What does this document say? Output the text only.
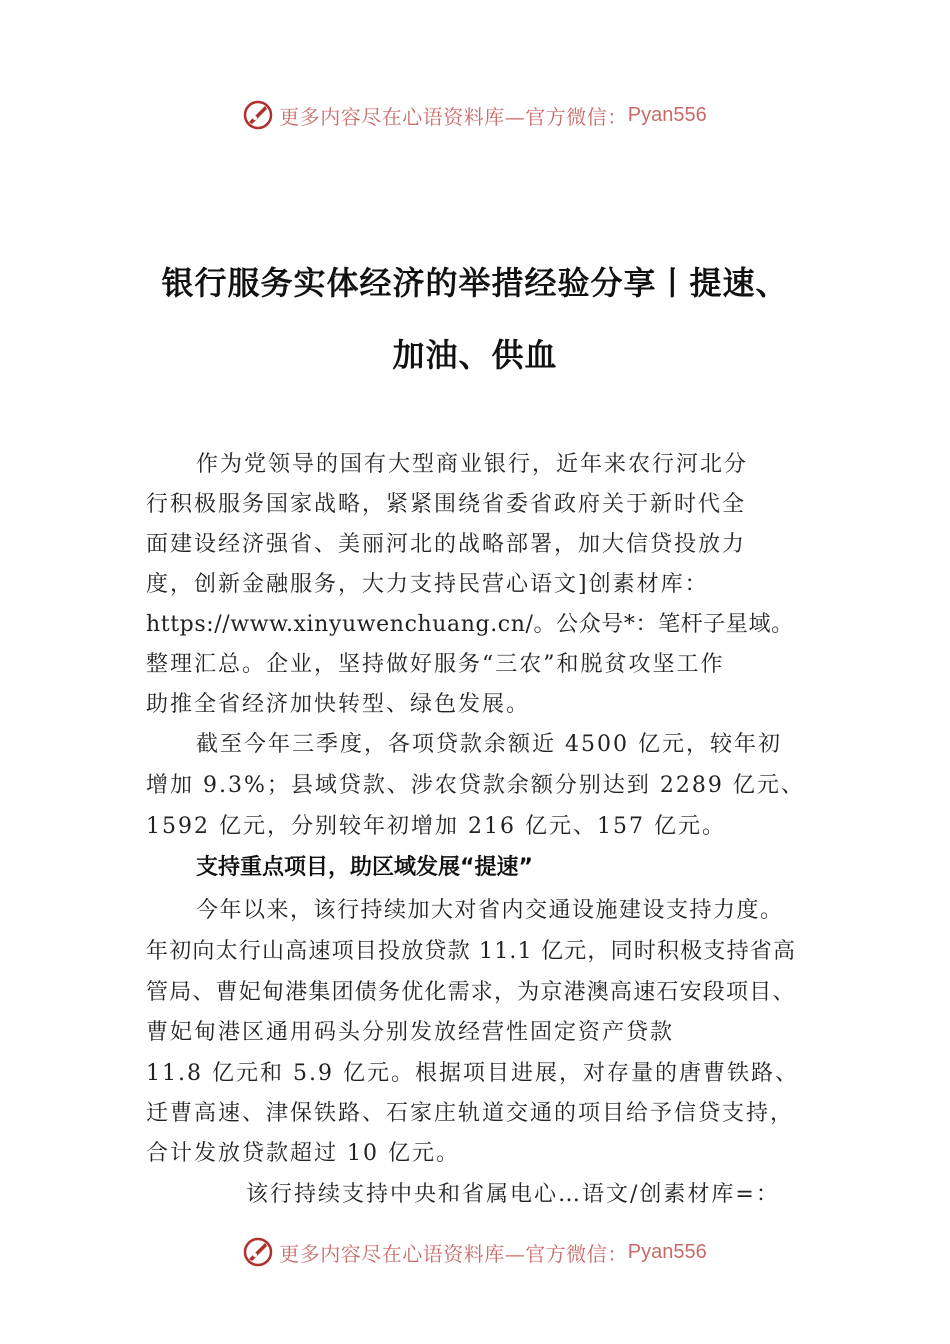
更多内容尽在心语资料库—官方微信： Pyan556
银行服务实体经济的举措经验分享丨提速、
加油、供血
作为党领导的国有大型商业银行，近年来农行河北分
行积极服务国家战略，紧紧围绕省委省政府关于新时代全
面建设经济强省、美丽河北的战略部署，加大信贷投放力
度，创新金融服务，大力支持民营心语文]创素材库：
https://www.xinyuwenchuang.cn/。公众号*：笔杆子星域。
整理汇总。企业，坚持做好服务“三农”和脱贫攻坚工作
助推全省经济加快转型、绿色发展。
截至今年三季度，各项贷款余额近 4500 亿元，较年初
增加 9.3%；县域贷款、涉农贷款余额分别达到 2289 亿元、
1592 亿元，分别较年初增加 216 亿元、157 亿元。
支持重点项目，助区域发展“提速”
今年以来，该行持续加大对省内交通设施建设支持力度。
年初向太行山高速项目投放贷款 11.1 亿元，同时积极支持省高
管局、曹妃甸港集团债务优化需求，为京港澳高速石安段项目、
曹妃甸港区通用码头分别发放经营性固定资产贷款
11.8 亿元和 5.9 亿元。根据项目进展，对存量的唐曹铁路、
迁曹高速、津保铁路、石家庄轨道交通的项目给予信贷支持，
合计发放贷款超过 10 亿元。
该行持续支持中央和省属电心…语文/创素材库=：
更多内容尽在心语资料库—官方微信： Pyan556
